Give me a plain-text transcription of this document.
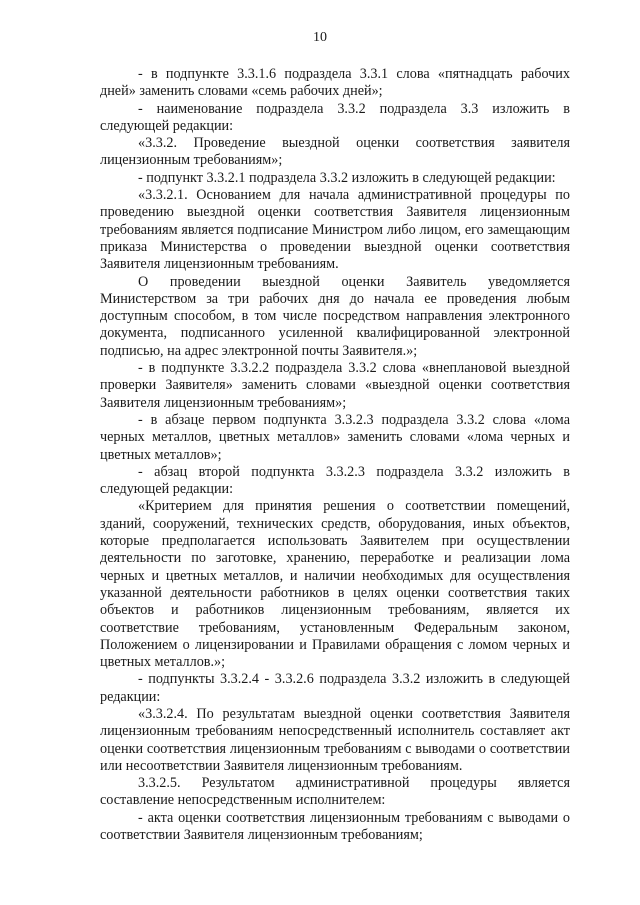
10

- в подпункте 3.3.1.6 подраздела 3.3.1 слова «пятнадцать рабочих дней» заменить словами «семь рабочих дней»;

- наименование подраздела 3.3.2 подраздела 3.3 изложить в следующей редакции:

«3.3.2. Проведение выездной оценки соответствия заявителя лицензионным требованиям»;

- подпункт 3.3.2.1 подраздела 3.3.2 изложить в следующей редакции:

«3.3.2.1. Основанием для начала административной процедуры по проведению выездной оценки соответствия Заявителя лицензионным требованиям является подписание Министром либо лицом, его замещающим приказа Министерства о проведении выездной оценки соответствия Заявителя лицензионным требованиям.

О проведении выездной оценки Заявитель уведомляется Министерством за три рабочих дня до начала ее проведения любым доступным способом, в том числе посредством направления электронного документа, подписанного усиленной квалифицированной электронной подписью, на адрес электронной почты Заявителя.»;

- в подпункте 3.3.2.2 подраздела 3.3.2 слова «внеплановой выездной проверки Заявителя» заменить словами «выездной оценки соответствия Заявителя лицензионным требованиям»;

- в абзаце первом подпункта 3.3.2.3 подраздела 3.3.2 слова «лома черных металлов, цветных металлов» заменить словами «лома черных и цветных металлов»;

- абзац второй подпункта 3.3.2.3 подраздела 3.3.2 изложить в следующей редакции:

«Критерием для принятия решения о соответствии помещений, зданий, сооружений, технических средств, оборудования, иных объектов, которые предполагается использовать Заявителем при осуществлении деятельности по заготовке, хранению, переработке и реализации лома черных и цветных металлов, и наличии необходимых для осуществления указанной деятельности работников в целях оценки соответствия таких объектов и работников лицензионным требованиям, является их соответствие требованиям, установленным Федеральным законом, Положением о лицензировании и Правилами обращения с ломом черных и цветных металлов.»;

- подпункты 3.3.2.4 - 3.3.2.6 подраздела 3.3.2 изложить в следующей редакции:

«3.3.2.4. По результатам выездной оценки соответствия Заявителя лицензионным требованиям непосредственный исполнитель составляет акт оценки соответствия лицензионным требованиям с выводами о соответствии или несоответствии Заявителя лицензионным требованиям.

3.3.2.5. Результатом административной процедуры является составление непосредственным исполнителем:

- акта оценки соответствия лицензионным требованиям с выводами о соответствии Заявителя лицензионным требованиям;
